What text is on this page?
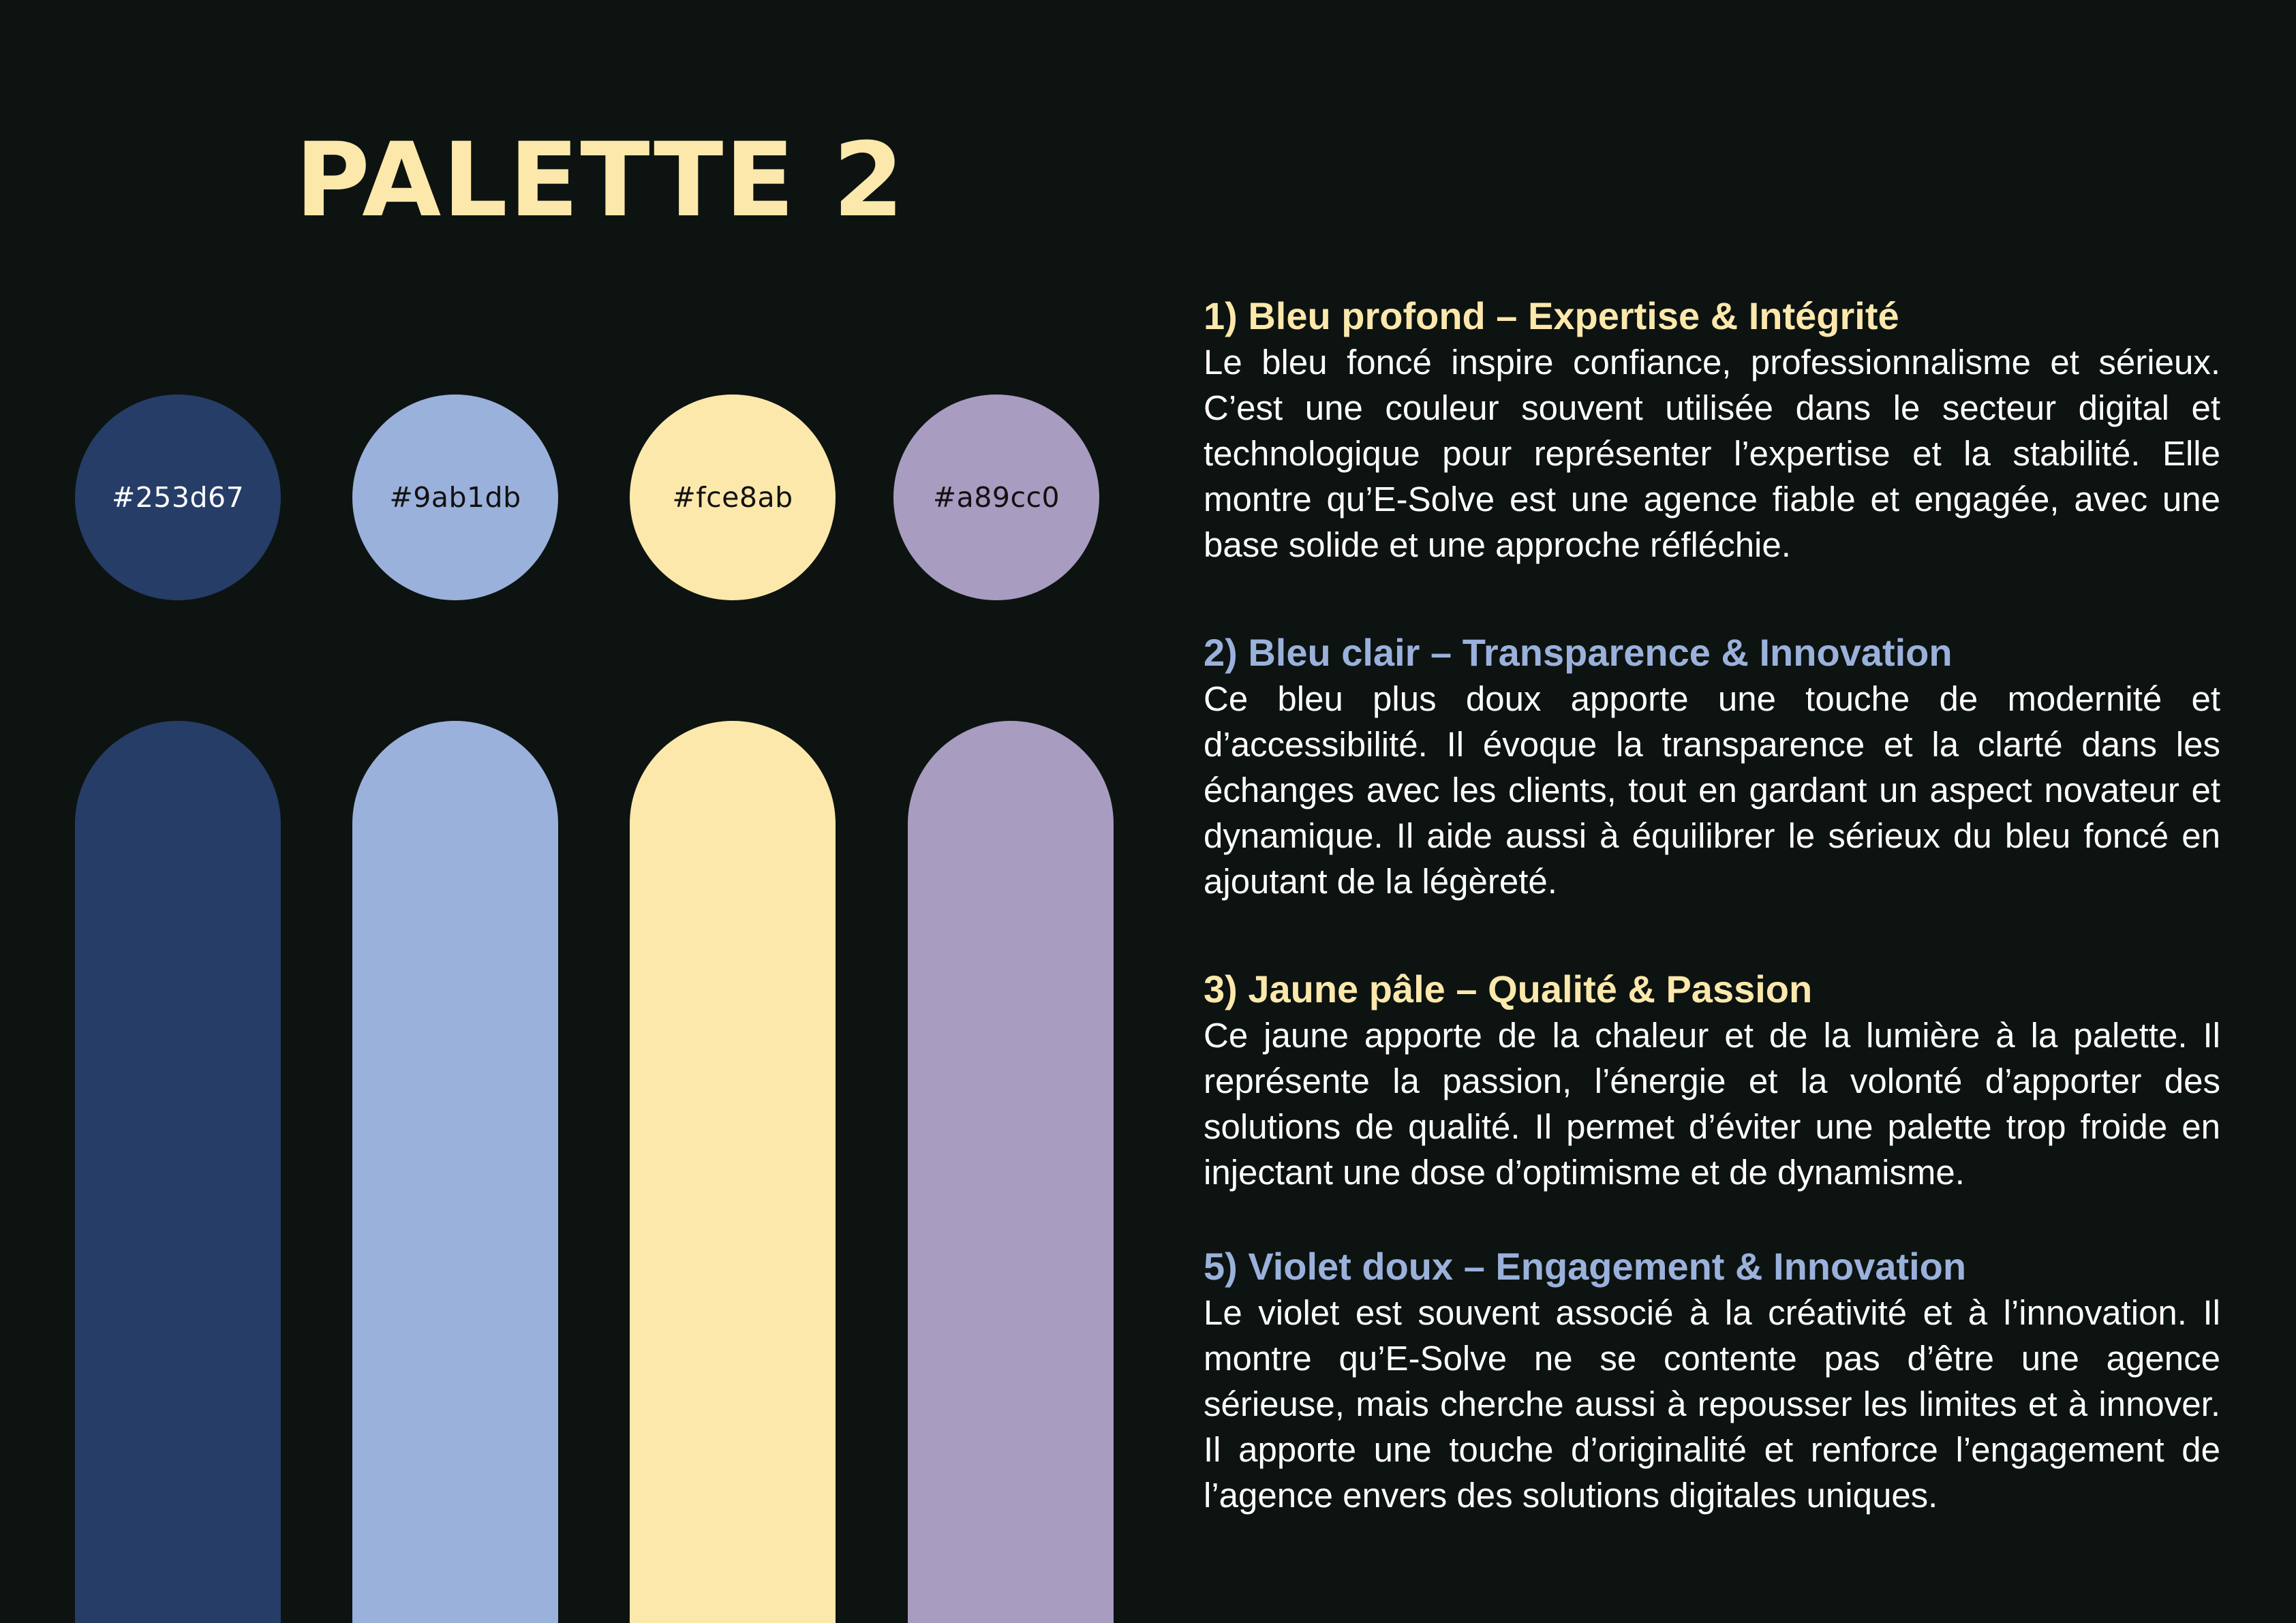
PALETTE 2
#253d67	#9ab1db	#fce8ab	#a89cc0
1) Bleu profond – Expertise & Intégrité

Le bleu foncé inspire confiance, professionnalisme et sérieux. C’est une couleur souvent utilisée dans le secteur digital et technologique pour représenter l’expertise et la stabilité. Elle montre qu’E-Solve est une agence fiable et engagée, avec une base solide et une approche réfléchie.

2) Bleu clair – Transparence & Innovation

Ce bleu plus doux apporte une touche de modernité et d’accessibilité. Il évoque la transparence et la clarté dans les échanges avec les clients, tout en gardant un aspect novateur et dynamique. Il aide aussi à équilibrer le sérieux du bleu foncé en ajoutant de la légèreté.

3) Jaune pâle – Qualité & Passion

Ce jaune apporte de la chaleur et de la lumière à la palette. Il représente la passion, l’énergie et la volonté d’apporter des solutions de qualité. Il permet d’éviter une palette trop froide en injectant une dose d’optimisme et de dynamisme.

5) Violet doux – Engagement & Innovation

Le violet est souvent associé à la créativité et à l’innovation. Il montre qu’E-Solve ne se contente pas d’être une agence sérieuse, mais cherche aussi à repousser les limites et à innover. Il apporte une touche d’originalité et renforce l’engagement de l’agence envers des solutions digitales uniques.
